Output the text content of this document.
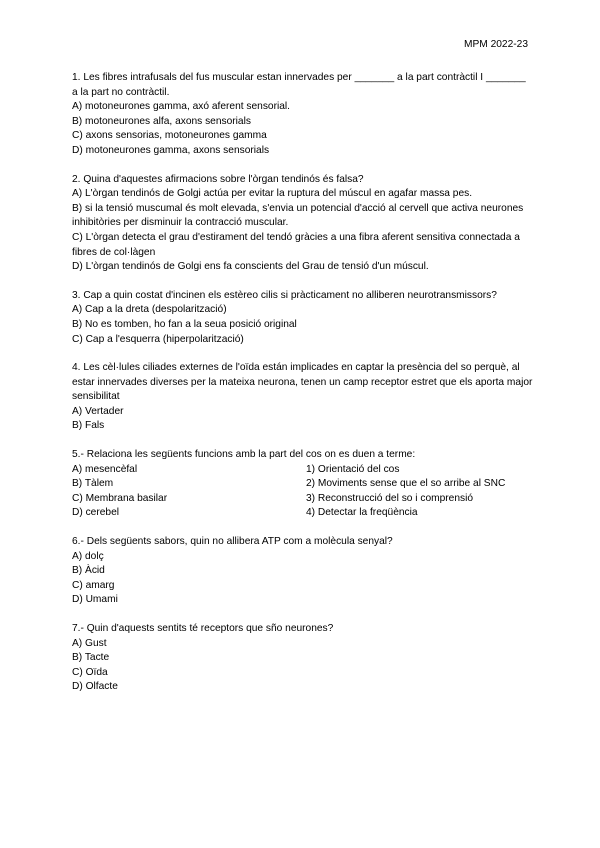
MPM 2022-23

1. Les fibres intrafusals del fus muscular estan innervades per _______ a la part contràctil I _______ a la part no contràctil.

A) motoneurones gamma, axó aferent sensorial.

B) motoneurones alfa, axons sensorials

C) axons sensorias, motoneurones gamma

D) motoneurones gamma, axons sensorials

2. Quina d'aquestes afirmacions sobre l'òrgan tendinós és falsa?

A) L'òrgan tendinós de Golgi actúa per evitar la ruptura del múscul en agafar massa pes.

B) si la tensió muscumal és molt elevada, s'envia un potencial d'acció al cervell que activa neurones inhibitòries per disminuir la contracció muscular.

C) L'òrgan detecta el grau d'estirament del tendó gràcies a una fibra aferent sensitiva connectada a fibres de col·làgen

D) L'òrgan tendinós de Golgi ens fa conscients del Grau de tensió d'un múscul.

3. Cap a quin costat d'incinen els estèreo cilis si pràcticament no alliberen neurotransmissors?

A) Cap a la dreta (despolarització)

B) No es tomben, ho fan a la seua posició original

C) Cap a l'esquerra (hiperpolarització)

4. Les cèl·lules ciliades externes de l'oïda están implicades en captar la presència del so perquè, al estar innervades diverses per la mateixa neurona, tenen un camp receptor estret que els aporta major sensibilitat

A) Vertader

B) Fals

5.- Relaciona les següents funcions amb la part del cos on es duen a terme:

A) mesencèfal	1) Orientació del cos
B) Tàlem	2) Moviments sense que el so arribe al SNC
C) Membrana basilar	3) Reconstrucció del so i comprensió
D) cerebel	4) Detectar la freqüència

6.- Dels següents sabors, quin no allibera ATP com a molècula senyal?

A) dolç

B) Àcid

C) amarg

D) Umami

7.- Quin d'aquests sentits té receptors que sño neurones?

A) Gust

B) Tacte

C) Oïda

D) Olfacte
